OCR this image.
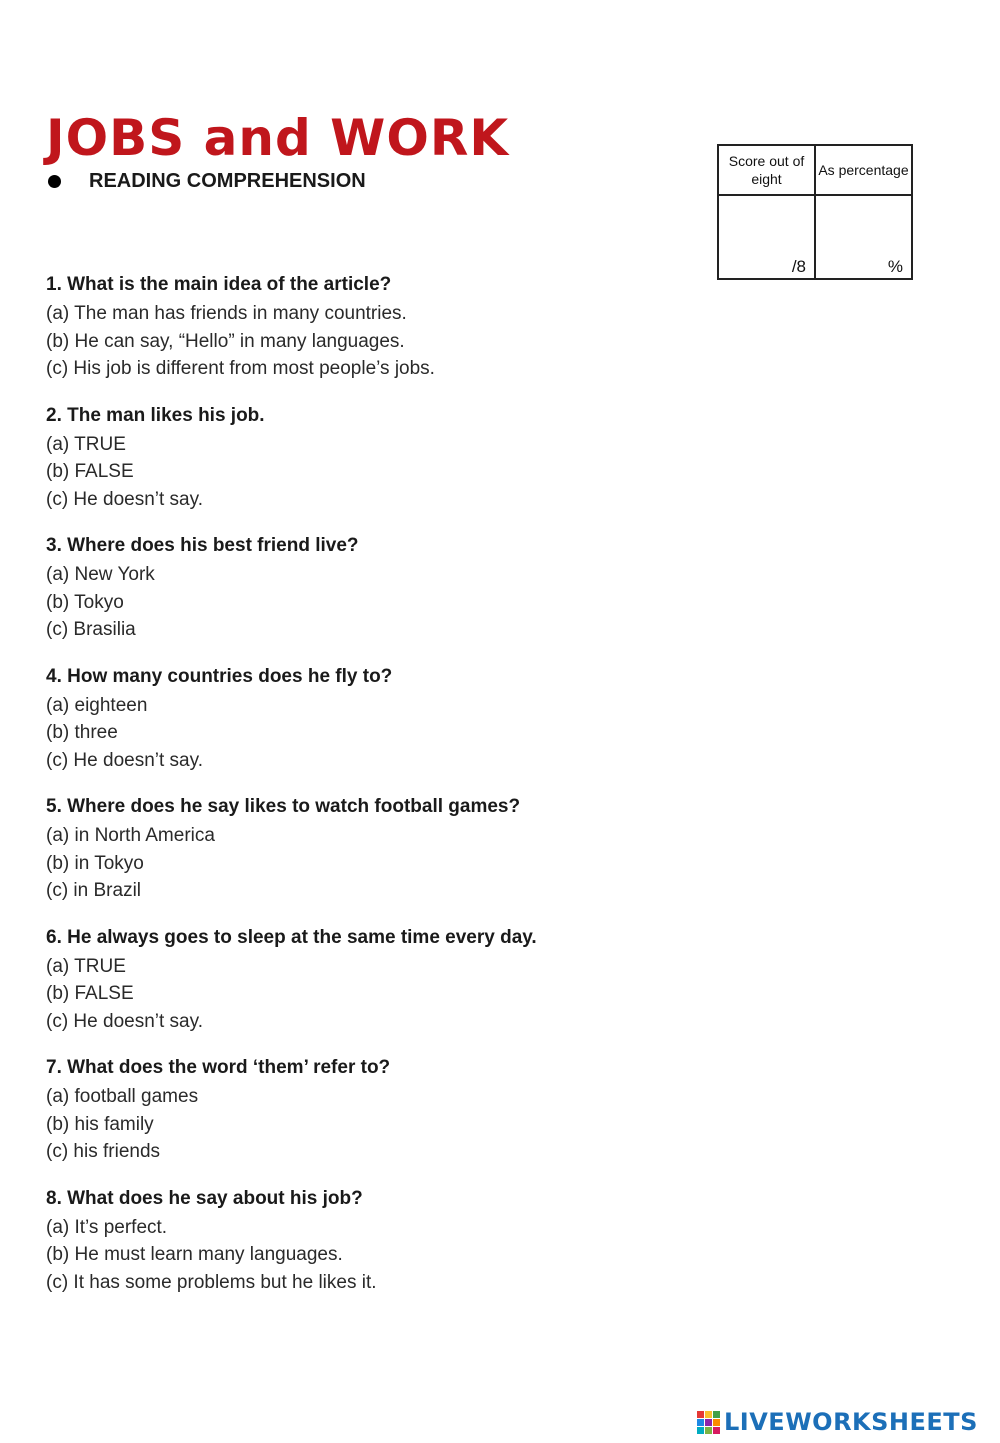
JOBS and WORK
READING COMPREHENSION
Score out of eight	As percentage
/8	%
1. What is the main idea of the article?
(a) The man has friends in many countries.
(b) He can say, “Hello” in many languages.
(c) His job is different from most people’s jobs.
2. The man likes his job.
(a) TRUE
(b) FALSE
(c) He doesn’t say.
3. Where does his best friend live?
(a) New York
(b) Tokyo
(c) Brasilia
4. How many countries does he fly to?
(a) eighteen
(b) three
(c) He doesn’t say.
5. Where does he say likes to watch football games?
(a) in North America
(b) in Tokyo
(c) in Brazil
6. He always goes to sleep at the same time every day.
(a) TRUE
(b) FALSE
(c) He doesn’t say.
7. What does the word ‘them’ refer to?
(a) football games
(b) his family
(c) his friends
8. What does he say about his job?
(a) It’s perfect.
(b) He must learn many languages.
(c) It has some problems but he likes it.
LIVEWORKSHEETS
